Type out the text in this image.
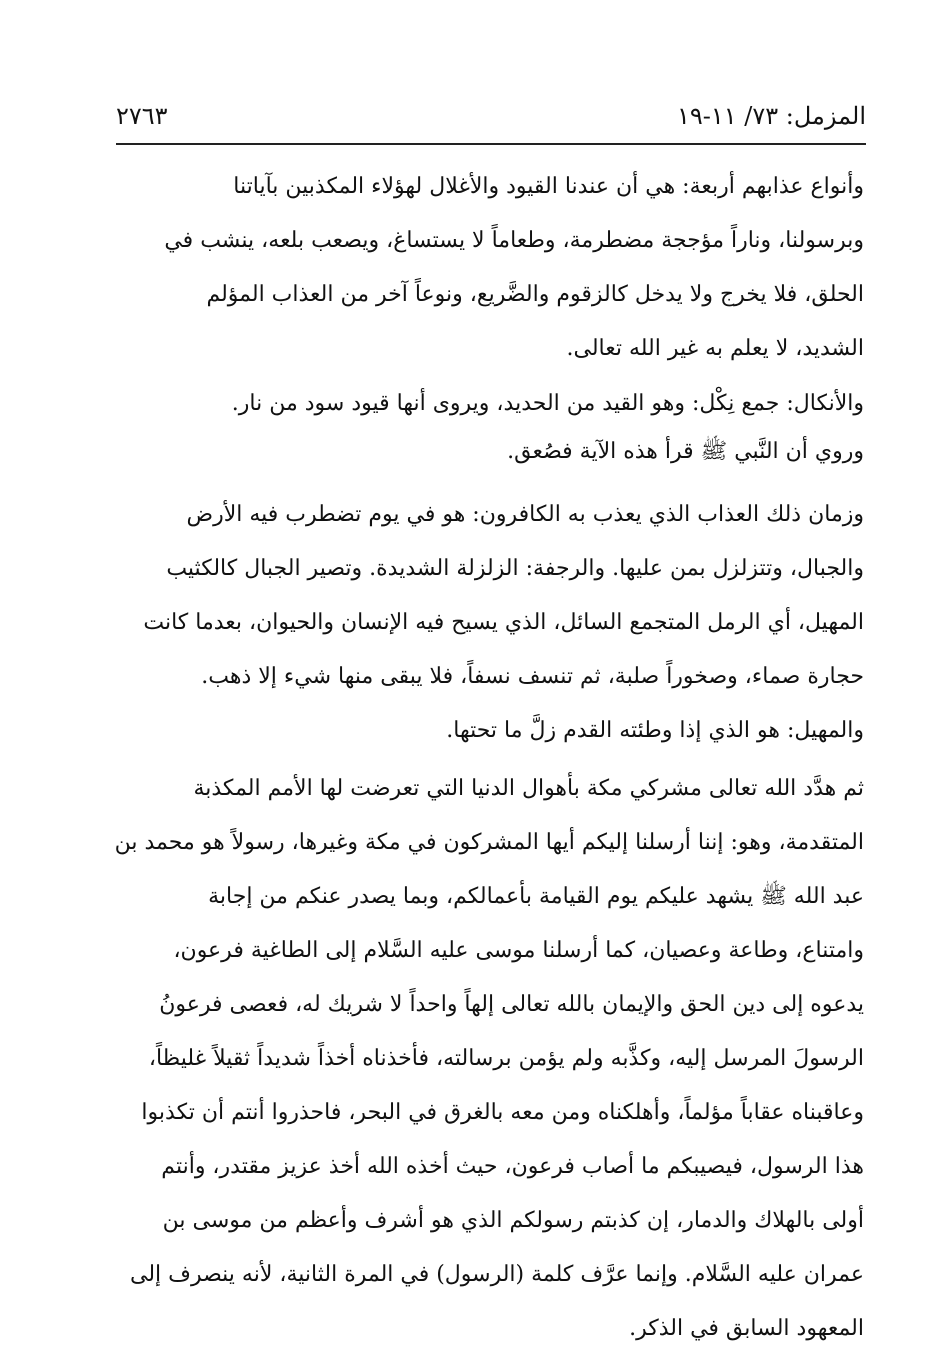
المزمل: ٧٣/ ١١-١٩
٢٧٦٣

وأنواع عذابهم أربعة: هي أن عندنا القيود والأغلال لهؤلاء المكذبين بآياتنا
وبرسولنا، وناراً مؤججة مضطرمة، وطعاماً لا يستساغ، ويصعب بلعه، ينشب في
الحلق، فلا يخرج ولا يدخل كالزقوم والضَّريع، ونوعاً آخر من العذاب المؤلم
الشديد، لا يعلم به غير الله تعالى.

والأنكال: جمع نِكْل: وهو القيد من الحديد، ويروى أنها قيود سود من نار.
وروي أن النَّبي ﷺ قرأ هذه الآية فصُعق.

وزمان ذلك العذاب الذي يعذب به الكافرون: هو في يوم تضطرب فيه الأرض
والجبال، وتتزلزل بمن عليها. والرجفة: الزلزلة الشديدة. وتصير الجبال كالكثيب
المهيل، أي الرمل المتجمع السائل، الذي يسيح فيه الإنسان والحيوان، بعدما كانت
حجارة صماء، وصخوراً صلبة، ثم تنسف نسفاً، فلا يبقى منها شيء إلا ذهب.
والمهيل: هو الذي إذا وطئته القدم زلَّ ما تحتها.

ثم هدَّد الله تعالى مشركي مكة بأهوال الدنيا التي تعرضت لها الأمم المكذبة
المتقدمة، وهو: إننا أرسلنا إليكم أيها المشركون في مكة وغيرها، رسولاً هو محمد بن
عبد الله ﷺ يشهد عليكم يوم القيامة بأعمالكم، وبما يصدر عنكم من إجابة
وامتناع، وطاعة وعصيان، كما أرسلنا موسى عليه السَّلام إلى الطاغية فرعون،
يدعوه إلى دين الحق والإيمان بالله تعالى إلهاً واحداً لا شريك له، فعصى فرعونُ
الرسولَ المرسل إليه، وكذَّبه ولم يؤمن برسالته، فأخذناه أخذاً شديداً ثقيلاً غليظاً،
وعاقبناه عقاباً مؤلماً، وأهلكناه ومن معه بالغرق في البحر، فاحذروا أنتم أن تكذبوا
هذا الرسول، فيصيبكم ما أصاب فرعون، حيث أخذه الله أخذ عزيز مقتدر، وأنتم
أولى بالهلاك والدمار، إن كذبتم رسولكم الذي هو أشرف وأعظم من موسى بن
عمران عليه السَّلام. وإنما عرَّف كلمة (الرسول) في المرة الثانية، لأنه ينصرف إلى
المعهود السابق في الذكر.
